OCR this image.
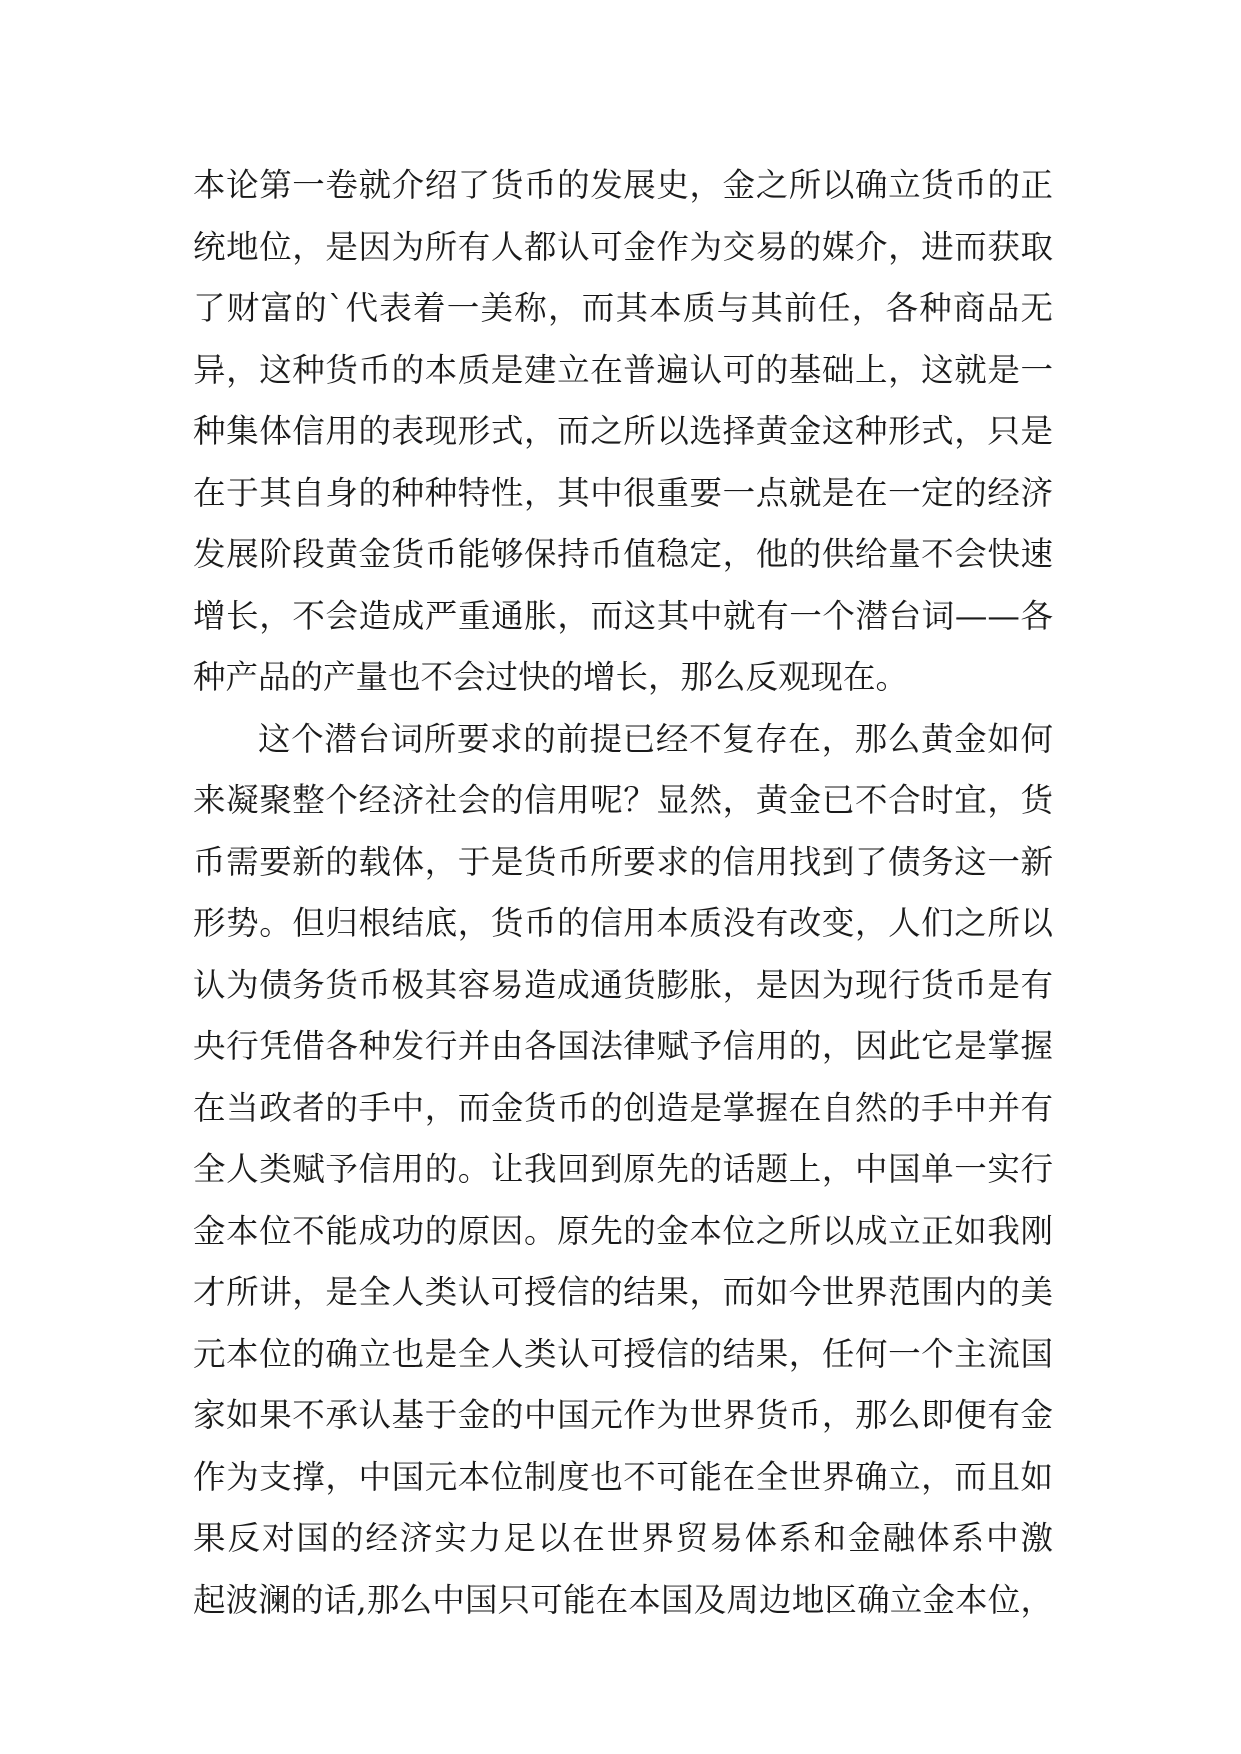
本论第一卷就介绍了货币的发展史，金之所以确立货币的正
统地位，是因为所有人都认可金作为交易的媒介，进而获取
了财富的`代表着一美称，而其本质与其前任，各种商品无
异，这种货币的本质是建立在普遍认可的基础上，这就是一
种集体信用的表现形式，而之所以选择黄金这种形式，只是
在于其自身的种种特性，其中很重要一点就是在一定的经济
发展阶段黄金货币能够保持币值稳定，他的供给量不会快速
增长，不会造成严重通胀，而这其中就有一个潜台词——各
种产品的产量也不会过快的增长，那么反观现在。
这个潜台词所要求的前提已经不复存在，那么黄金如何
来凝聚整个经济社会的信用呢？显然，黄金已不合时宜，货
币需要新的载体，于是货币所要求的信用找到了债务这一新
形势。但归根结底，货币的信用本质没有改变，人们之所以
认为债务货币极其容易造成通货膨胀，是因为现行货币是有
央行凭借各种发行并由各国法律赋予信用的，因此它是掌握
在当政者的手中，而金货币的创造是掌握在自然的手中并有
全人类赋予信用的。让我回到原先的话题上，中国单一实行
金本位不能成功的原因。原先的金本位之所以成立正如我刚
才所讲，是全人类认可授信的结果，而如今世界范围内的美
元本位的确立也是全人类认可授信的结果，任何一个主流国
家如果不承认基于金的中国元作为世界货币，那么即便有金
作为支撑，中国元本位制度也不可能在全世界确立，而且如
果反对国的经济实力足以在世界贸易体系和金融体系中激
起波澜的话,那么中国只可能在本国及周边地区确立金本位，
